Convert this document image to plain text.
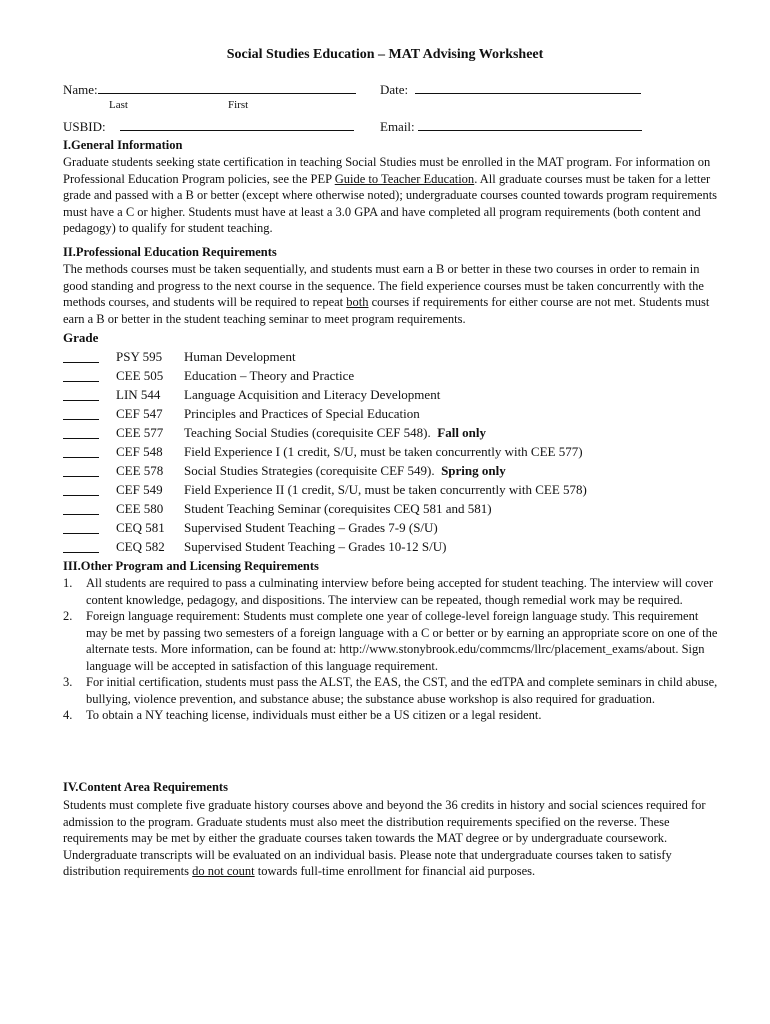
Social Studies Education – MAT Advising Worksheet
Name:
Last	First
Date:
USBID:	Email:
I.General Information
Graduate students seeking state certification in teaching Social Studies must be enrolled in the MAT program. For information on Professional Education Program policies, see the PEP Guide to Teacher Education. All graduate courses must be taken for a letter grade and passed with a B or better (except where otherwise noted); undergraduate courses counted towards program requirements must have a C or higher. Students must have at least a 3.0 GPA and have completed all program requirements (both content and pedagogy) to qualify for student teaching.
II.Professional Education Requirements
The methods courses must be taken sequentially, and students must earn a B or better in these two courses in order to remain in good standing and progress to the next course in the sequence. The field experience courses must be taken concurrently with the methods courses, and students will be required to repeat both courses if requirements for either course are not met. Students must earn a B or better in the student teaching seminar to meet program requirements.
Grade
PSY 595	Human Development
CEE 505	Education – Theory and Practice
LIN 544	Language Acquisition and Literacy Development
CEF 547	Principles and Practices of Special Education
CEE 577	Teaching Social Studies (corequisite CEF 548). Fall only
CEF 548	Field Experience I (1 credit, S/U, must be taken concurrently with CEE 577)
CEE 578	Social Studies Strategies (corequisite CEF 549). Spring only
CEF 549	Field Experience II (1 credit, S/U, must be taken concurrently with CEE 578)
CEE 580	Student Teaching Seminar (corequisites CEQ 581 and 581)
CEQ 581	Supervised Student Teaching – Grades 7-9 (S/U)
CEQ 582	Supervised Student Teaching – Grades 10-12 S/U)
III.Other Program and Licensing Requirements
1. All students are required to pass a culminating interview before being accepted for student teaching. The interview will cover content knowledge, pedagogy, and dispositions. The interview can be repeated, though remedial work may be required.
2. Foreign language requirement: Students must complete one year of college-level foreign language study. This requirement may be met by passing two semesters of a foreign language with a C or better or by earning an appropriate score on one of the alternate tests. More information, can be found at: http://www.stonybrook.edu/commcms/llrc/placement_exams/about. Sign language will be accepted in satisfaction of this language requirement.
3. For initial certification, students must pass the ALST, the EAS, the CST, and the edTPA and complete seminars in child abuse, bullying, violence prevention, and substance abuse; the substance abuse workshop is also required for graduation.
4. To obtain a NY teaching license, individuals must either be a US citizen or a legal resident.
IV.Content Area Requirements
Students must complete five graduate history courses above and beyond the 36 credits in history and social sciences required for admission to the program. Graduate students must also meet the distribution requirements specified on the reverse. These requirements may be met by either the graduate courses taken towards the MAT degree or by undergraduate coursework. Undergraduate transcripts will be evaluated on an individual basis. Please note that undergraduate courses taken to satisfy distribution requirements do not count towards full-time enrollment for financial aid purposes.
